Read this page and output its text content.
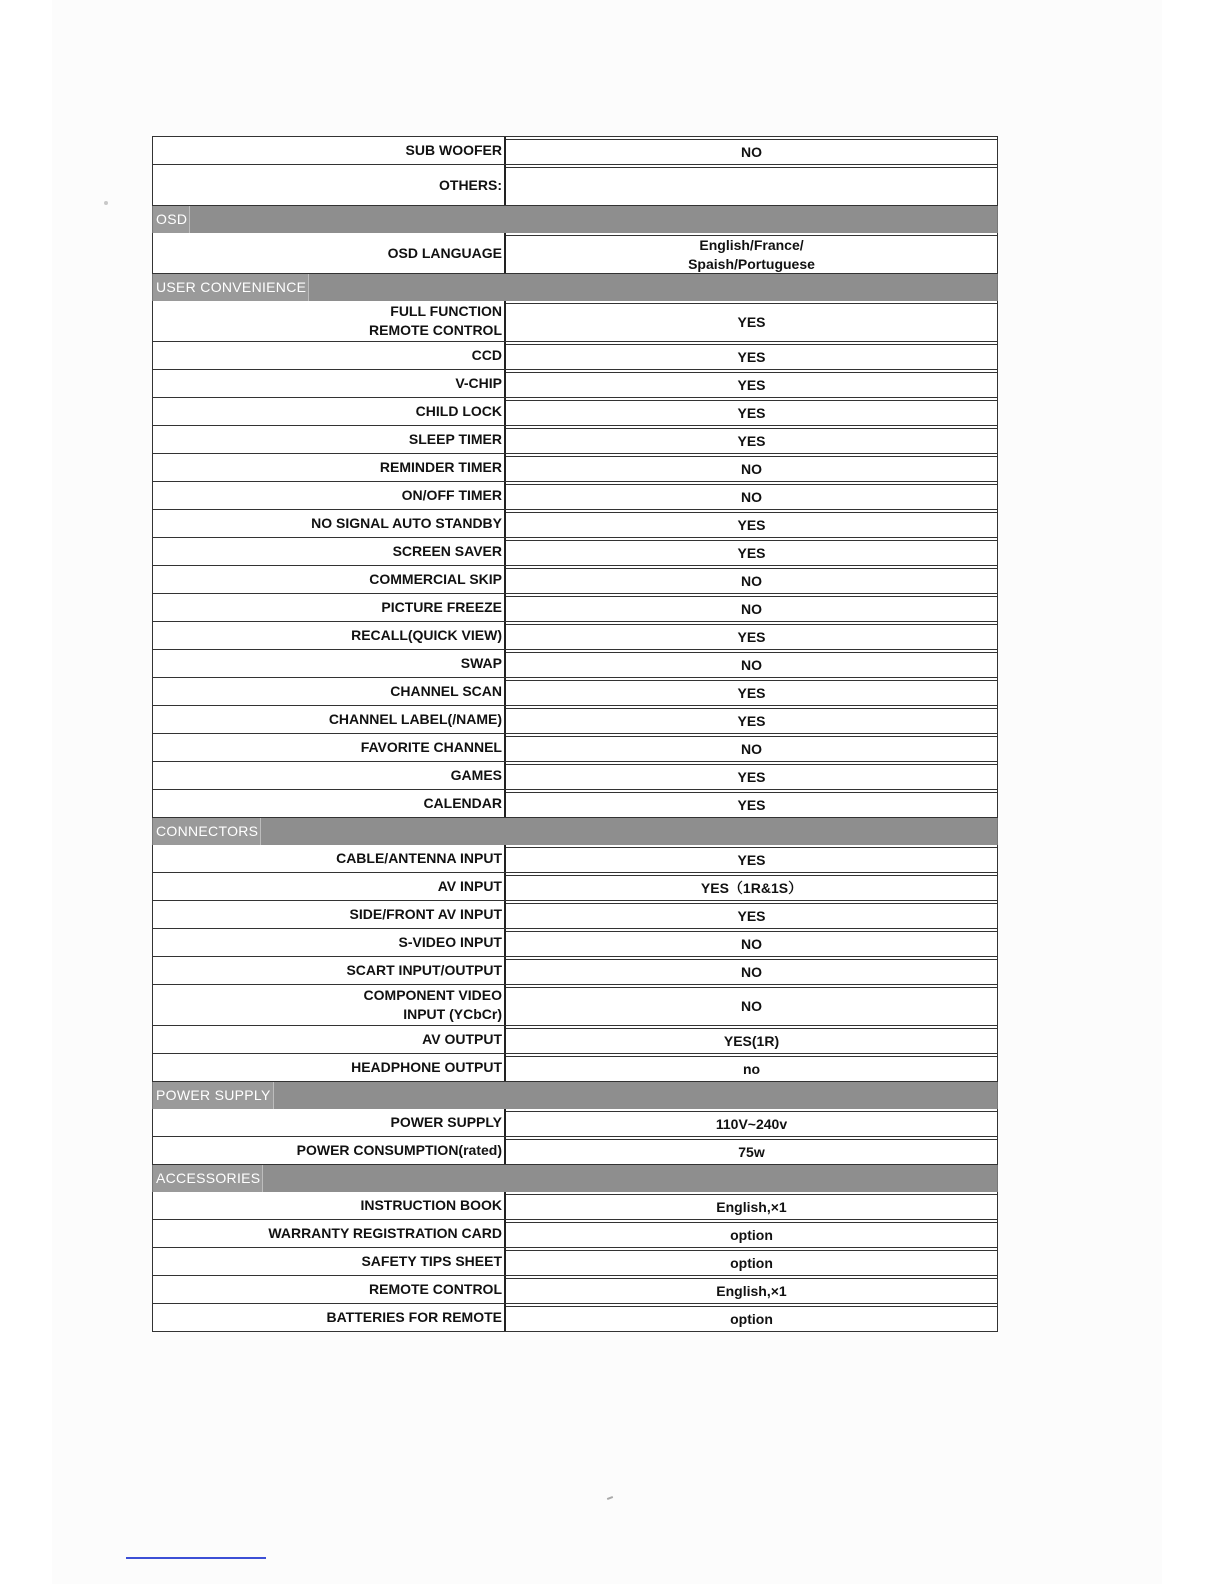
SUB WOOFER	NO
OTHERS:
OSD
OSD LANGUAGE	English/France/
Spaish/Portuguese
USER CONVENIENCE
FULL FUNCTION
REMOTE CONTROL	YES
CCD	YES
V-CHIP	YES
CHILD LOCK	YES
SLEEP TIMER	YES
REMINDER TIMER	NO
ON/OFF TIMER	NO
NO SIGNAL AUTO STANDBY	YES
SCREEN SAVER	YES
COMMERCIAL SKIP	NO
PICTURE FREEZE	NO
RECALL(QUICK VIEW)	YES
SWAP	NO
CHANNEL SCAN	YES
CHANNEL LABEL(/NAME)	YES
FAVORITE CHANNEL	NO
GAMES	YES
CALENDAR	YES
CONNECTORS
CABLE/ANTENNA INPUT	YES
AV INPUT	YES（1R&1S）
SIDE/FRONT AV INPUT	YES
S-VIDEO INPUT	NO
SCART INPUT/OUTPUT	NO
COMPONENT VIDEO
INPUT (YCbCr)	NO
AV OUTPUT	YES(1R)
HEADPHONE OUTPUT	no
POWER SUPPLY
POWER SUPPLY	110V~240v
POWER CONSUMPTION(rated)	75w
ACCESSORIES
INSTRUCTION BOOK	English,×1
WARRANTY REGISTRATION CARD	option
SAFETY TIPS SHEET	option
REMOTE CONTROL	English,×1
BATTERIES FOR REMOTE	option
